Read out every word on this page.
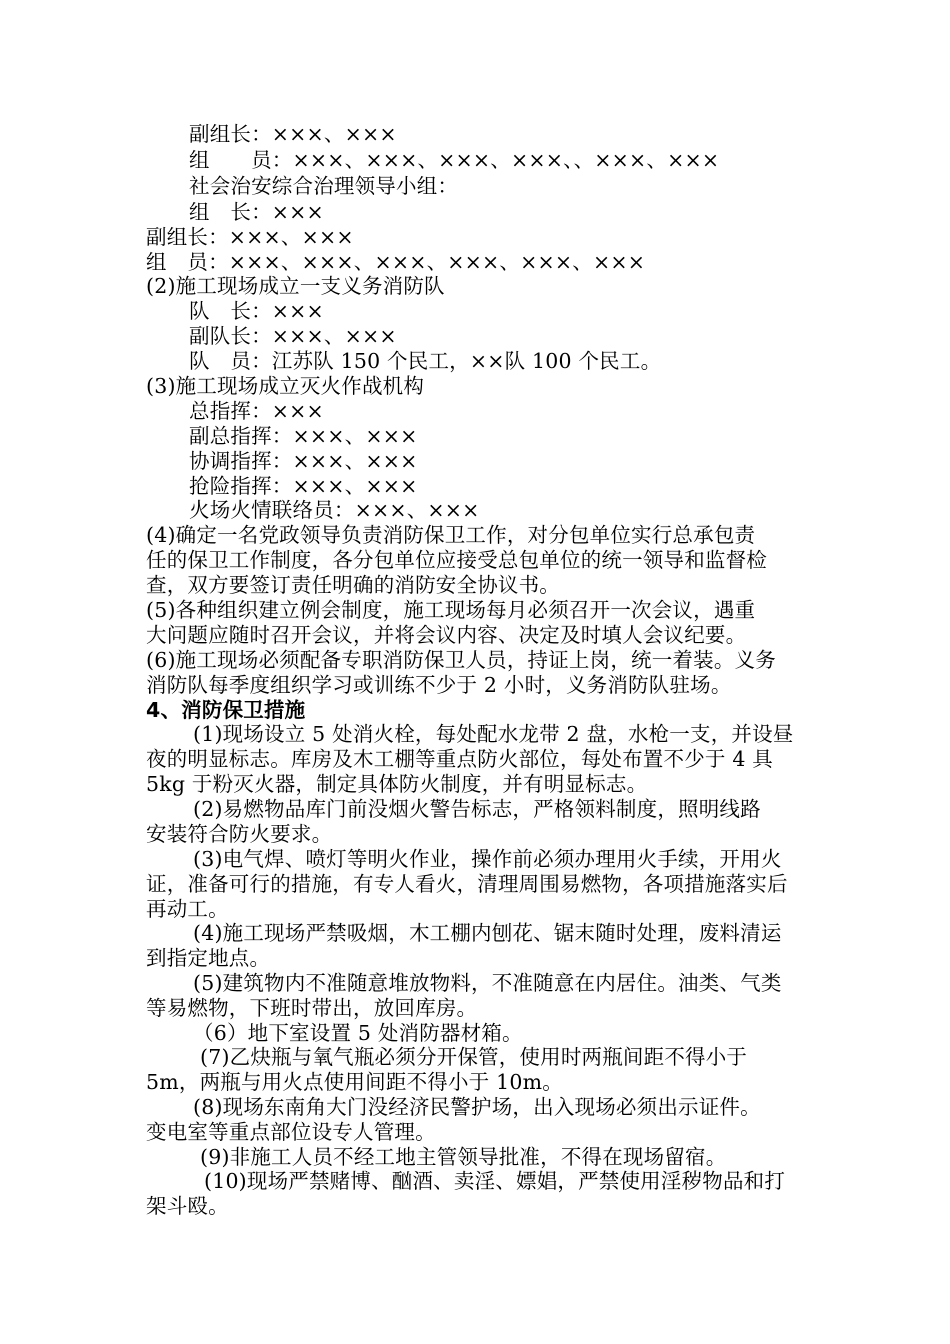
副组长：×××、×××
组　　员：×××、×××、×××、×××、、×××、×××
社会治安综合治理领导小组：
组　长：×××
副组长：×××、×××
组　员：×××、×××、×××、×××、×××、×××
(2)施工现场成立一支义务消防队
队　长：×××
副队长：×××、×××
队　员：江苏队 150 个民工，××队 100 个民工。
(3)施工现场成立灭火作战机构
总指挥：×××
副总指挥：×××、×××
协调指挥：×××、×××
抢险指挥：×××、×××
火场火情联络员：×××、×××
(4)确定一名党政领导负责消防保卫工作，对分包单位实行总承包责
任的保卫工作制度，各分包单位应接受总包单位的统一领导和监督检
查，双方要签订责任明确的消防安全协议书。
(5)各种组织建立例会制度，施工现场每月必须召开一次会议，遇重
大问题应随时召开会议，并将会议内容、决定及时填人会议纪要。
(6)施工现场必须配备专职消防保卫人员，持证上岗，统一着装。义务
消防队每季度组织学习或训练不少于 2 小时，义务消防队驻场。
4、消防保卫措施
(1)现场设立 5 处消火栓，每处配水龙带 2 盘，水枪一支，并设昼
夜的明显标志。库房及木工棚等重点防火部位，每处布置不少于 4 具
5kg 于粉灭火器，制定具体防火制度，并有明显标志。
(2)易燃物品库门前没烟火警告标志，严格领料制度，照明线路
安装符合防火要求。
(3)电气焊、喷灯等明火作业，操作前必须办理用火手续，开用火
证，准备可行的措施，有专人看火，清理周围易燃物，各项措施落实后
再动工。
(4)施工现场严禁吸烟，木工棚内刨花、锯末随时处理，废料清运
到指定地点。
(5)建筑物内不准随意堆放物料，不准随意在内居住。油类、气类
等易燃物，下班时带出，放回库房。
（6）地下室设置 5 处消防器材箱。
(7)乙炔瓶与氧气瓶必须分开保管，使用时两瓶间距不得小于
5m，两瓶与用火点使用间距不得小于 10m。
(8)现场东南角大门没经济民警护场，出入现场必须出示证件。
变电室等重点部位设专人管理。
(9)非施工人员不经工地主管领导批准，不得在现场留宿。
(10)现场严禁赌博、酗酒、卖淫、嫖娼，严禁使用淫秽物品和打
架斗殴。
